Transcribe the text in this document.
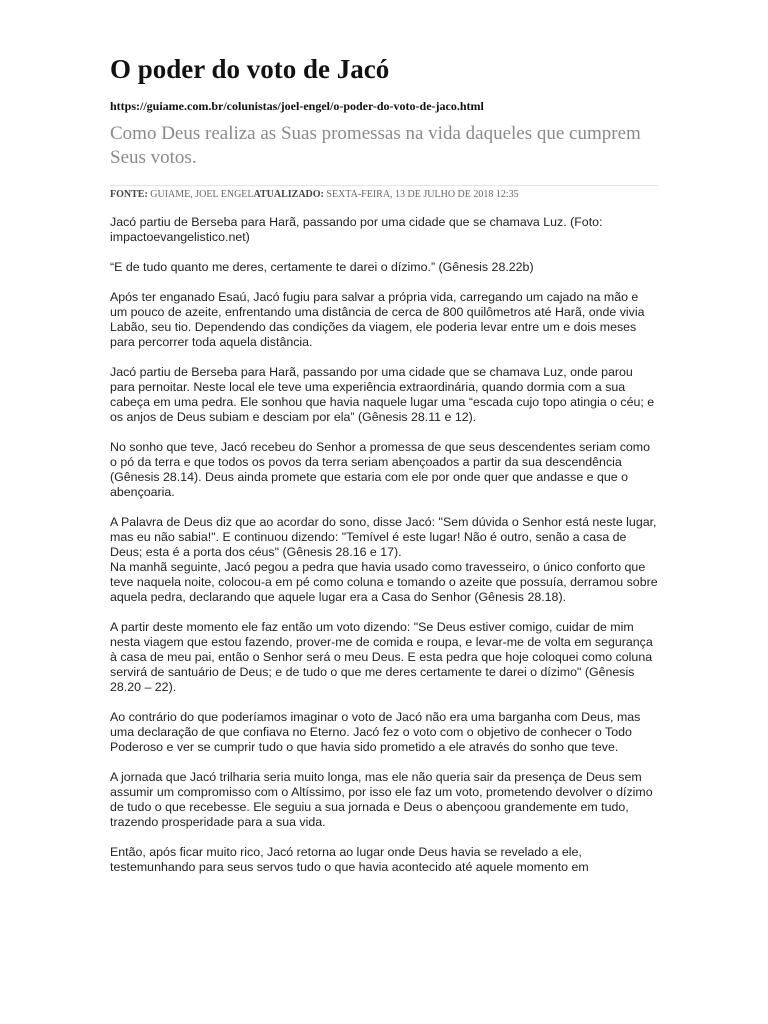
O poder do voto de Jacó
https://guiame.com.br/colunistas/joel-engel/o-poder-do-voto-de-jaco.html
Como Deus realiza as Suas promessas na vida daqueles que cumprem Seus votos.
FONTE: GUIAME, JOEL ENGELATUALIZADO: SEXTA-FEIRA, 13 DE JULHO DE 2018 12:35

Jacó partiu de Berseba para Harã, passando por uma cidade que se chamava Luz. (Foto: impactoevangelistico.net)

“E de tudo quanto me deres, certamente te darei o dízimo.” (Gênesis 28.22b)

Após ter enganado Esaú, Jacó fugiu para salvar a própria vida, carregando um cajado na mão e um pouco de azeite, enfrentando uma distância de cerca de 800 quilômetros até Harã, onde vivia Labão, seu tio. Dependendo das condições da viagem, ele poderia levar entre um e dois meses para percorrer toda aquela distância.

Jacó partiu de Berseba para Harã, passando por uma cidade que se chamava Luz, onde parou para pernoitar. Neste local ele teve uma experiência extraordinária, quando dormia com a sua cabeça em uma pedra. Ele sonhou que havia naquele lugar uma “escada cujo topo atingia o céu; e os anjos de Deus subiam e desciam por ela” (Gênesis 28.11 e 12).

No sonho que teve, Jacó recebeu do Senhor a promessa de que seus descendentes seriam como o pó da terra e que todos os povos da terra seriam abençoados a partir da sua descendência (Gênesis 28.14). Deus ainda promete que estaria com ele por onde quer que andasse e que o abençoaria.

A Palavra de Deus diz que ao acordar do sono, disse Jacó: "Sem dúvida o Senhor está neste lugar, mas eu não sabia!". E continuou dizendo: "Temível é este lugar! Não é outro, senão a casa de Deus; esta é a porta dos céus" (Gênesis 28.16 e 17).

Na manhã seguinte, Jacó pegou a pedra que havia usado como travesseiro, o único conforto que teve naquela noite, colocou-a em pé como coluna e tomando o azeite que possuía, derramou sobre aquela pedra, declarando que aquele lugar era a Casa do Senhor (Gênesis 28.18).

A partir deste momento ele faz então um voto dizendo: "Se Deus estiver comigo, cuidar de mim nesta viagem que estou fazendo, prover-me de comida e roupa, e levar-me de volta em segurança à casa de meu pai, então o Senhor será o meu Deus. E esta pedra que hoje coloquei como coluna servirá de santuário de Deus; e de tudo o que me deres certamente te darei o dízimo" (Gênesis 28.20 – 22).

Ao contrário do que poderíamos imaginar o voto de Jacó não era uma barganha com Deus, mas uma declaração de que confiava no Eterno. Jacó fez o voto com o objetivo de conhecer o Todo Poderoso e ver se cumprir tudo o que havia sido prometido a ele através do sonho que teve.

A jornada que Jacó trilharia seria muito longa, mas ele não queria sair da presença de Deus sem assumir um compromisso com o Altíssimo, por isso ele faz um voto, prometendo devolver o dízimo de tudo o que recebesse. Ele seguiu a sua jornada e Deus o abençoou grandemente em tudo, trazendo prosperidade para a sua vida.

Então, após ficar muito rico, Jacó retorna ao lugar onde Deus havia se revelado a ele, testemunhando para seus servos tudo o que havia acontecido até aquele momento em
